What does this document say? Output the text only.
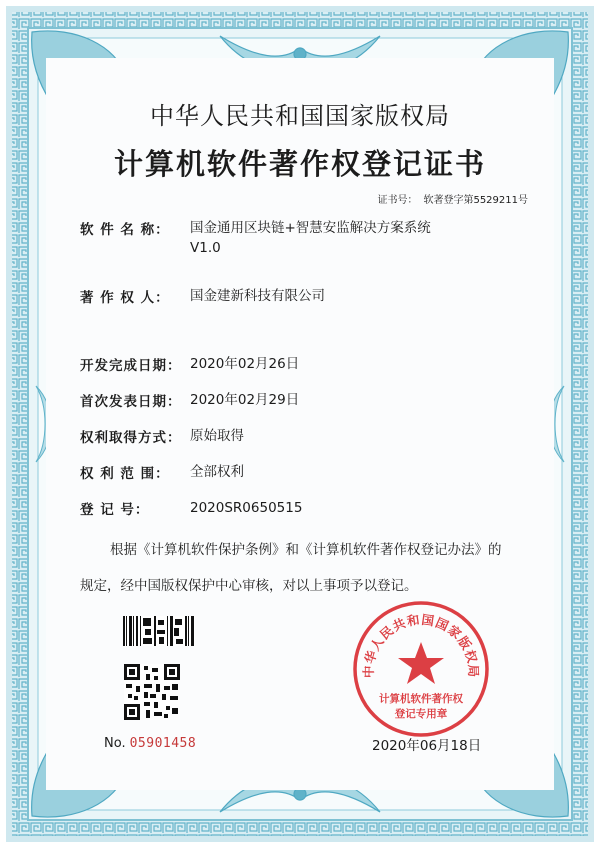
中华人民共和国国家版权局
计算机软件著作权登记证书
证书号： 软著登字第5529211号
软 件 名 称：	国金通用区块链+智慧安监解决方案系统
V1.0
著 作 权 人：	国金建新科技有限公司
开发完成日期： 2020年02月26日
首次发表日期： 2020年02月29日
权利取得方式： 原始取得
权 利 范 围：	全部权利
登 记 号：	2020SR0650515
根据《计算机软件保护条例》和《计算机软件著作权登记办法》的
规定，经中国版权保护中心审核，对以上事项予以登记。
No. 05901458	2020年06月18日
中华人民共和国国家版权局
计算机软件著作权
登记专用章
